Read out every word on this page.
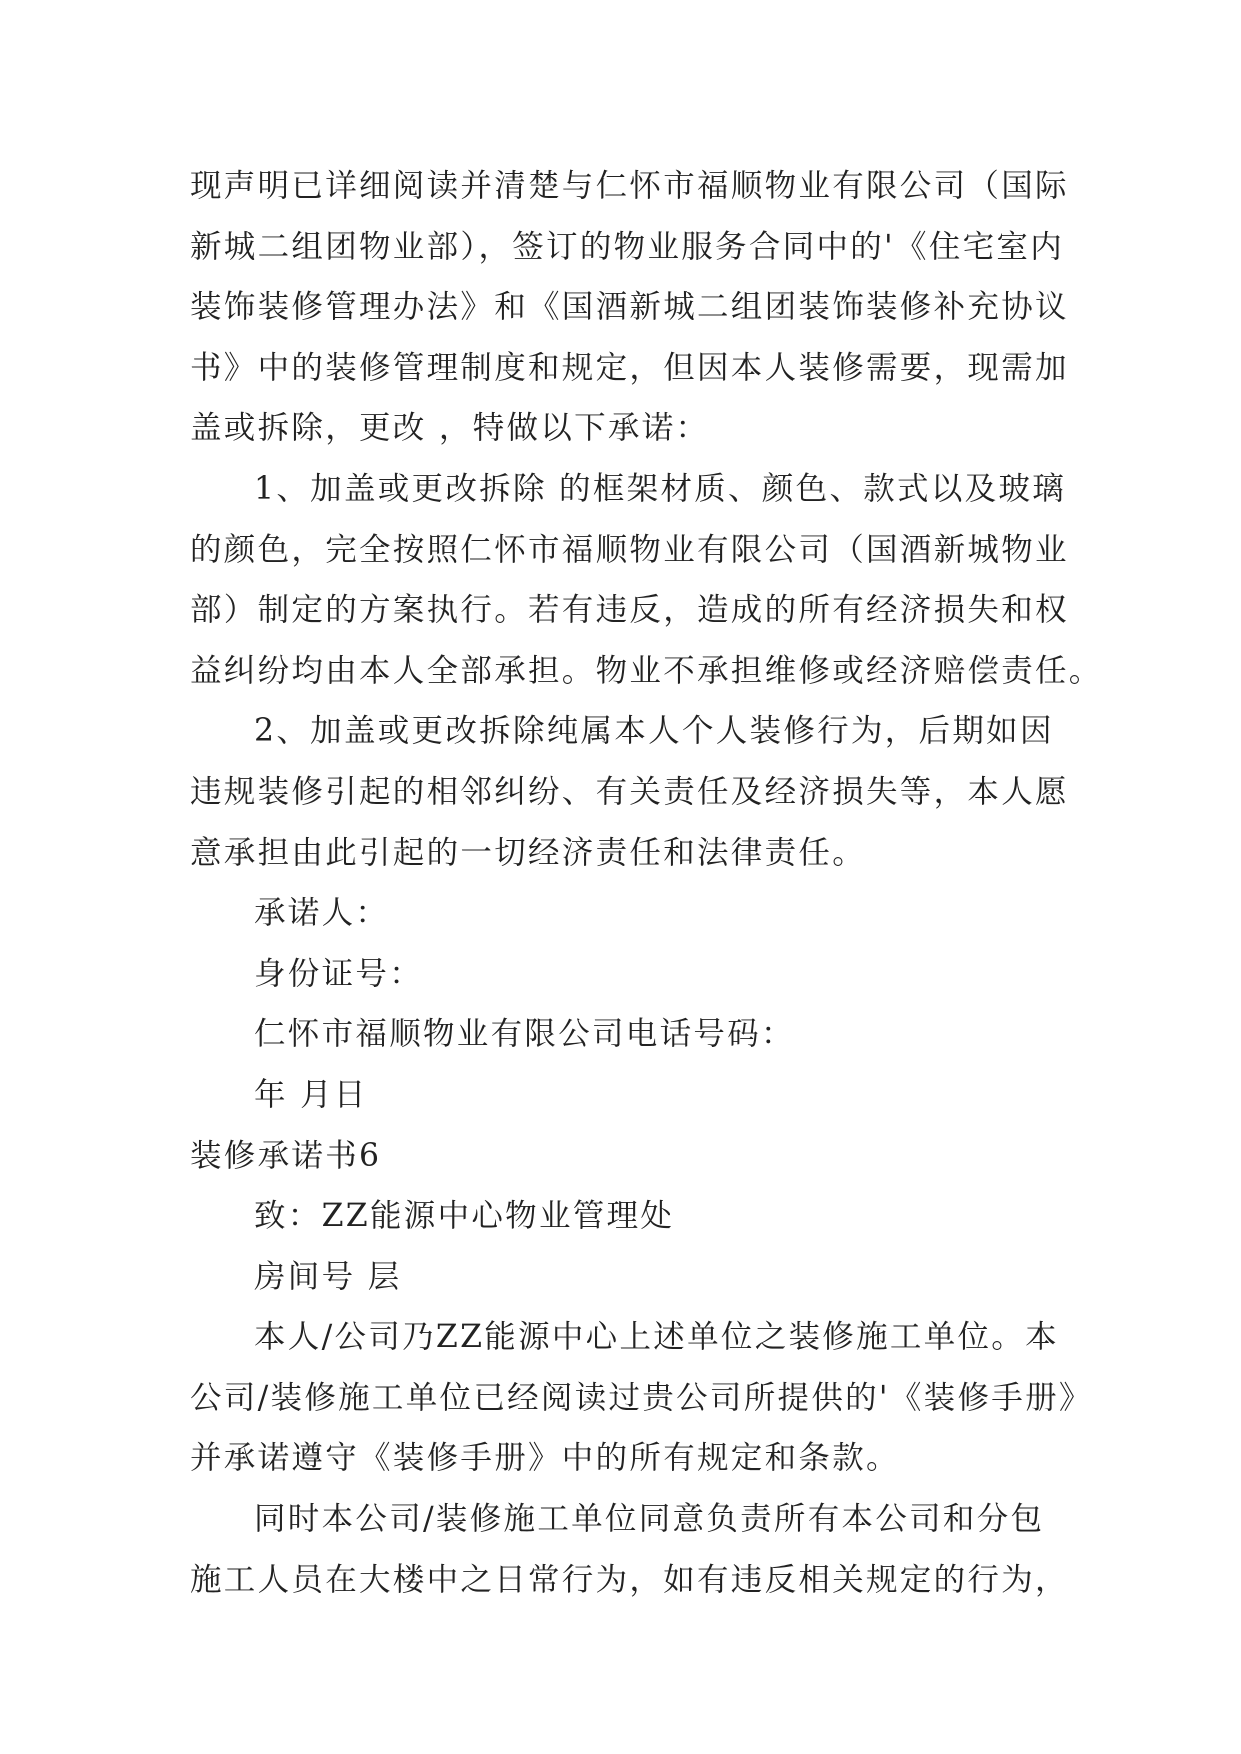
现声明已详细阅读并清楚与仁怀市福顺物业有限公司（国际
新城二组团物业部），签订的物业服务合同中的'《住宅室内
装饰装修管理办法》和《国酒新城二组团装饰装修补充协议
书》中的装修管理制度和规定，但因本人装修需要，现需加
盖或拆除，更改 ，特做以下承诺：
1、加盖或更改拆除 的框架材质、颜色、款式以及玻璃
的颜色，完全按照仁怀市福顺物业有限公司（国酒新城物业
部）制定的方案执行。若有违反，造成的所有经济损失和权
益纠纷均由本人全部承担。物业不承担维修或经济赔偿责任。
2、加盖或更改拆除纯属本人个人装修行为，后期如因
违规装修引起的相邻纠纷、有关责任及经济损失等，本人愿
意承担由此引起的一切经济责任和法律责任。
承诺人：
身份证号：
仁怀市福顺物业有限公司电话号码：
年 月日
装修承诺书6
致：ZZ能源中心物业管理处
房间号 层
本人/公司乃ZZ能源中心上述单位之装修施工单位。本
公司/装修施工单位已经阅读过贵公司所提供的'《装修手册》
并承诺遵守《装修手册》中的所有规定和条款。
同时本公司/装修施工单位同意负责所有本公司和分包
施工人员在大楼中之日常行为，如有违反相关规定的行为，
